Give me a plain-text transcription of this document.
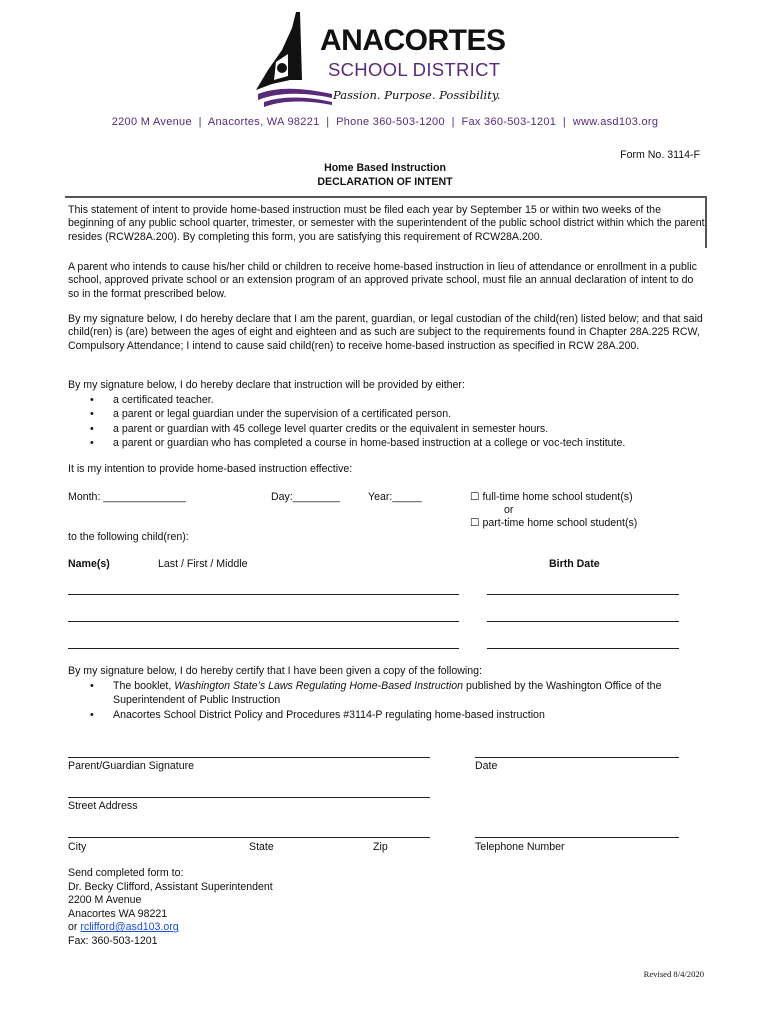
ANACORTES
SCHOOL DISTRICT
Passion. Purpose. Possibility.
2200 M Avenue  |  Anacortes, WA 98221  |  Phone 360-503-1200  |  Fax 360-503-1201  |  www.asd103.org
Form No. 3114-F
Home Based Instruction
DECLARATION OF INTENT
This statement of intent to provide home-based instruction must be filed each year by September 15 or within two weeks of the beginning of any public school quarter, trimester, or semester with the superintendent of the public school district within which the parent resides (RCW28A.200). By completing this form, you are satisfying this requirement of RCW28A.200.

A parent who intends to cause his/her child or children to receive home-based instruction in lieu of attendance or enrollment in a public school, approved private school or an extension program of an approved private school, must file an annual declaration of intent to do so in the format prescribed below.

By my signature below, I do hereby declare that I am the parent, guardian, or legal custodian of the child(ren) listed below; and that said child(ren) is (are) between the ages of eight and eighteen and as such are subject to the requirements found in Chapter 28A.225 RCW, Compulsory Attendance; I intend to cause said child(ren) to receive home-based instruction as specified in RCW 28A.200.

By my signature below, I do hereby declare that instruction will be provided by either:

• a certificated teacher.
• a parent or legal guardian under the supervision of a certificated person.
• a parent or guardian with 45 college level quarter credits or the equivalent in semester hours.
• a parent or guardian who has completed a course in home-based instruction at a college or voc-tech institute.

It is my intention to provide home-based instruction effective:

Month: ______________	Day:________	Year:_____	☐ full-time home school student(s)
or
☐ part-time home school student(s)
to the following child(ren):
Name(s)	Last / First / Middle	Birth Date

By my signature below, I do hereby certify that I have been given a copy of the following:

• The booklet, Washington State’s Laws Regulating Home-Based Instruction published by the Washington Office of the Superintendent of Public Instruction
• Anacortes School District Policy and Procedures #3114-P regulating home-based instruction
Parent/Guardian Signature	Date
Street Address
City	State	Zip	Telephone Number
Send completed form to:
Dr. Becky Clifford, Assistant Superintendent
2200 M Avenue
Anacortes WA 98221
or rclifford@asd103.org
Fax: 360-503-1201
Revised 8/4/2020
